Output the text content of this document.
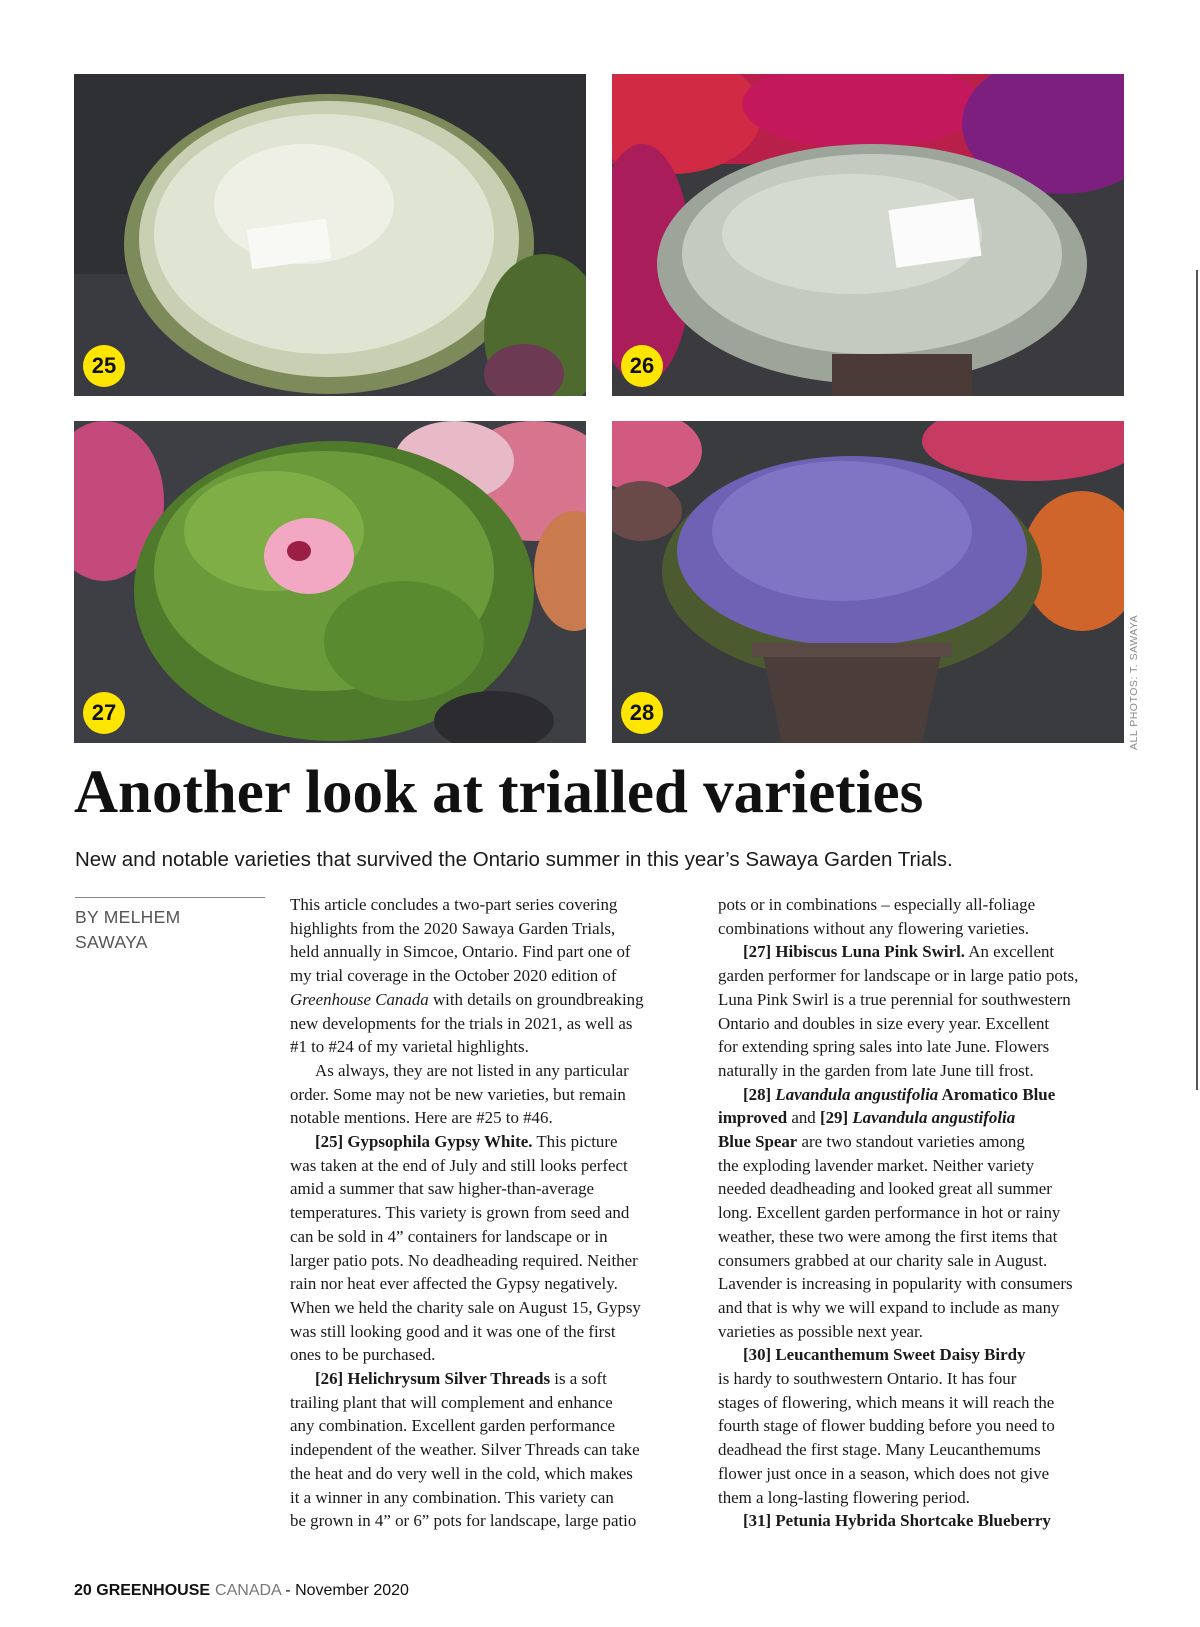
25	26
27	28	ALL PHOTOS: T. SAWAYA
Another look at trialled varieties
New and notable varieties that survived the Ontario summer in this year’s Sawaya Garden Trials.
BY MELHEM
SAWAYA
This article concludes a two-part series covering
highlights from the 2020 Sawaya Garden Trials,
held annually in Simcoe, Ontario. Find part one of
my trial coverage in the October 2020 edition of
Greenhouse Canada with details on groundbreaking
new developments for the trials in 2021, as well as
#1 to #24 of my varietal highlights.
As always, they are not listed in any particular
order. Some may not be new varieties, but remain
notable mentions. Here are #25 to #46.
[25] Gypsophila Gypsy White. This picture
was taken at the end of July and still looks perfect
amid a summer that saw higher-than-average
temperatures. This variety is grown from seed and
can be sold in 4” containers for landscape or in
larger patio pots. No deadheading required. Neither
rain nor heat ever affected the Gypsy negatively.
When we held the charity sale on August 15, Gypsy
was still looking good and it was one of the first
ones to be purchased.
[26] Helichrysum Silver Threads is a soft
trailing plant that will complement and enhance
any combination. Excellent garden performance
independent of the weather. Silver Threads can take
the heat and do very well in the cold, which makes
it a winner in any combination. This variety can
be grown in 4” or 6” pots for landscape, large patio
pots or in combinations – especially all-foliage
combinations without any flowering varieties.
[27] Hibiscus Luna Pink Swirl. An excellent
garden performer for landscape or in large patio pots,
Luna Pink Swirl is a true perennial for southwestern
Ontario and doubles in size every year. Excellent
for extending spring sales into late June. Flowers
naturally in the garden from late June till frost.
[28] Lavandula angustifolia Aromatico Blue
improved and [29] Lavandula angustifolia
Blue Spear are two standout varieties among
the exploding lavender market. Neither variety
needed deadheading and looked great all summer
long. Excellent garden performance in hot or rainy
weather, these two were among the first items that
consumers grabbed at our charity sale in August.
Lavender is increasing in popularity with consumers
and that is why we will expand to include as many
varieties as possible next year.
[30] Leucanthemum Sweet Daisy Birdy
is hardy to southwestern Ontario. It has four
stages of flowering, which means it will reach the
fourth stage of flower budding before you need to
deadhead the first stage. Many Leucanthemums
flower just once in a season, which does not give
them a long-lasting flowering period.
[31] Petunia Hybrida Shortcake Blueberry
20 GREENHOUSE CANADA - November 2020
